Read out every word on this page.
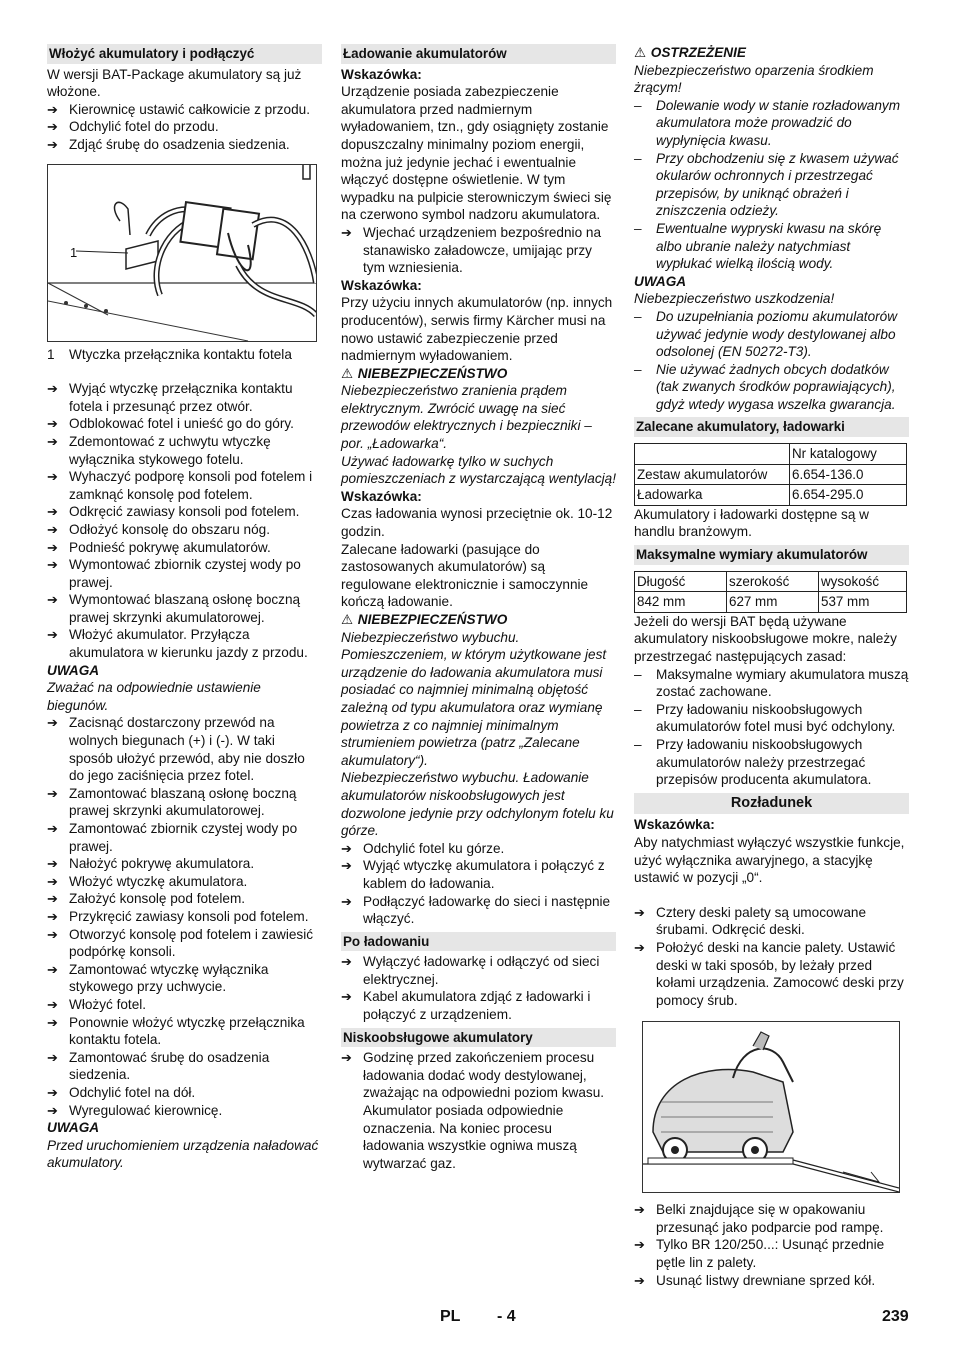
Włożyć akumulatory i podłączyć

W wersji BAT-Package akumulatory są już włożone.

➔ Kierownicę ustawić całkowicie z przodu.
➔ Odchylić fotel do przodu.
➔ Zdjąć śrubę do osadzenia siedzenia.
1
1	Wtyczka przełącznika kontaktu fotela
➔ Wyjąć wtyczkę przełącznika kontaktu fotela i przesunąć przez otwór.
➔ Odblokować fotel i unieść go do góry.
➔ Zdemontować z uchwytu wtyczkę wyłącznika stykowego fotelu.
➔ Wyhaczyć podporę konsoli pod fotelem i zamknąć konsolę pod fotelem.
➔ Odkręcić zawiasy konsoli pod fotelem.
➔ Odłożyć konsolę do obszaru nóg.
➔ Podnieść pokrywę akumulatorów.
➔ Wymontować zbiornik czystej wody po prawej.
➔ Wymontować blaszaną osłonę boczną prawej skrzynki akumulatorowej.
➔ Włożyć akumulator. Przyłącza akumulatora w kierunku jazdy z przodu.

UWAGA

Zważać na odpowiednie ustawienie biegunów.

➔ Zacisnąć dostarczony przewód na wolnych biegunach (+) i (-). W taki sposób ułożyć przewód, aby nie doszło do jego zaciśnięcia przez fotel.
➔ Zamontować blaszaną osłonę boczną prawej skrzynki akumulatorowej.
➔ Zamontować zbiornik czystej wody po prawej.
➔ Nałożyć pokrywę akumulatora.
➔ Włożyć wtyczkę akumulatora.
➔ Założyć konsolę pod fotelem.
➔ Przykręcić zawiasy konsoli pod fotelem.
➔ Otworzyć konsolę pod fotelem i zawiesić podpórkę konsoli.
➔ Zamontować wtyczkę wyłącznika stykowego przy uchwycie.
➔ Włożyć fotel.
➔ Ponownie włożyć wtyczkę przełącznika kontaktu fotela.
➔ Zamontować śrubę do osadzenia siedzenia.
➔ Odchylić fotel na dół.
➔ Wyregulować kierownicę.

UWAGA

Przed uruchomieniem urządzenia naładować akumulatory.

Ładowanie akumulatorów

Wskazówka:

Urządzenie posiada zabezpieczenie akumulatora przed nadmiernym wyładowaniem, tzn., gdy osiągnięty zostanie dopuszczalny minimalny poziom energii, można już jedynie jechać i ewentualnie włączyć dostępne oświetlenie. W tym wypadku na pulpicie sterowniczym świeci się na czerwono symbol nadzoru akumulatora.

➔ Wjechać urządzeniem bezpośrednio na stanawisko załadowcze, umijając przy tym wzniesienia.

Wskazówka:

Przy użyciu innych akumulatorów (np. innych producentów), serwis firmy Kärcher musi na nowo ustawić zabezpieczenie przed nadmiernym wyładowaniem.

⚠ NIEBEZPIECZEŃSTWO

Niebezpieczeństwo zranienia prądem elektrycznym. Zwrócić uwagę na sieć przewodów elektrycznych i bezpieczniki – por. „Ładowarka“.

Używać ładowarkę tylko w suchych pomieszczeniach z wystarczającą wentylacją!

Wskazówka:

Czas ładowania wynosi przeciętnie ok. 10-12 godzin.

Zalecane ładowarki (pasujące do zastosowanych akumulatorów) są regulowane elektronicznie i samoczynnie kończą ładowanie.

⚠ NIEBEZPIECZEŃSTWO

Niebezpieczeństwo wybuchu. Pomieszczeniem, w którym użytkowane jest urządzenie do ładowania akumulatora musi posiadać co najmniej minimalną objętość zależną od typu akumulatora oraz wymianę powietrza z co najmniej minimalnym strumieniem powietrza (patrz „Zalecane akumulatory“).

Niebezpieczeństwo wybuchu. Ładowanie akumulatorów niskoobsługowych jest dozwolone jedynie przy odchylonym fotelu ku górze.

➔ Odchylić fotel ku górze.
➔ Wyjąć wtyczkę akumulatora i połączyć z kablem do ładowania.
➔ Podłączyć ładowarkę do sieci i następnie włączyć.
Po ładowaniu
➔ Wyłączyć ładowarkę i odłączyć od sieci elektrycznej.
➔ Kabel akumulatora zdjąć z ładowarki i połączyć z urządzeniem.
Niskoobsługowe akumulatory
➔ Godzinę przed zakończeniem procesu ładowania dodać wody destylowanej, zważając na odpowiedni poziom kwasu. Akumulator posiada odpowiednie oznaczenia. Na koniec procesu ładowania wszystkie ogniwa muszą wytwarzać gaz.

⚠ OSTRZEŻENIE

Niebezpieczeństwo oparzenia środkiem żrącym!

–	Dolewanie wody w stanie rozładowanym akumulatora może prowadzić do wypłynięcia kwasu.
–	Przy obchodzeniu się z kwasem używać okularów ochronnych i przestrzegać przepisów, by uniknąć obrażeń i zniszczenia odzieży.
–	Ewentualne wypryski kwasu na skórę albo ubranie należy natychmiast wypłukać wielką ilością wody.

UWAGA

Niebezpieczeństwo uszkodzenia!

–	Do uzupełniania poziomu akumulatorów używać jedynie wody destylowanej albo odsolonej (EN 50272-T3).
–	Nie używać żadnych obcych dodatków (tak zwanych środków poprawiających), gdyż wtedy wygasa wszelka gwarancja.
Zalecane akumulatory, ładowarki
	Nr katalogowy
Zestaw akumulatorów	6.654-136.0
Ładowarka	6.654-295.0

Akumulatory i ładowarki dostępne są w handlu branżowym.

Maksymalne wymiary akumulatorów
Długość	szerokość	wysokość
842 mm	627 mm	537 mm

Jeżeli do wersji BAT będą używane akumulatory niskoobsługowe mokre, należy przestrzegać następujących zasad:

–	Maksymalne wymiary akumulatora muszą zostać zachowane.
–	Przy ładowaniu niskoobsługowych akumulatorów fotel musi być odchylony.
–	Przy ładowaniu niskoobsługowych akumulatorów należy przestrzegać przepisów producenta akumulatora.
Rozładunek

Wskazówka:

Aby natychmiast wyłączyć wszystkie funkcje, użyć wyłącznika awaryjnego, a stacyjkę ustawić w pozycji „0“.

➔ Cztery deski palety są umocowane śrubami. Odkręcić deski.
➔ Położyć deski na kancie palety. Ustawić deski w taki sposób, by leżały przed kołami urządzenia. Zamocowć deski przy pomocy śrub.
➔ Belki znajdujące się w opakowaniu przesunąć jako podparcie pod rampę.
➔ Tylko BR 120/250...: Usunąć przednie pętle lin z palety.
➔ Usunąć listwy drewniane sprzed kół.
PL - 4	239
